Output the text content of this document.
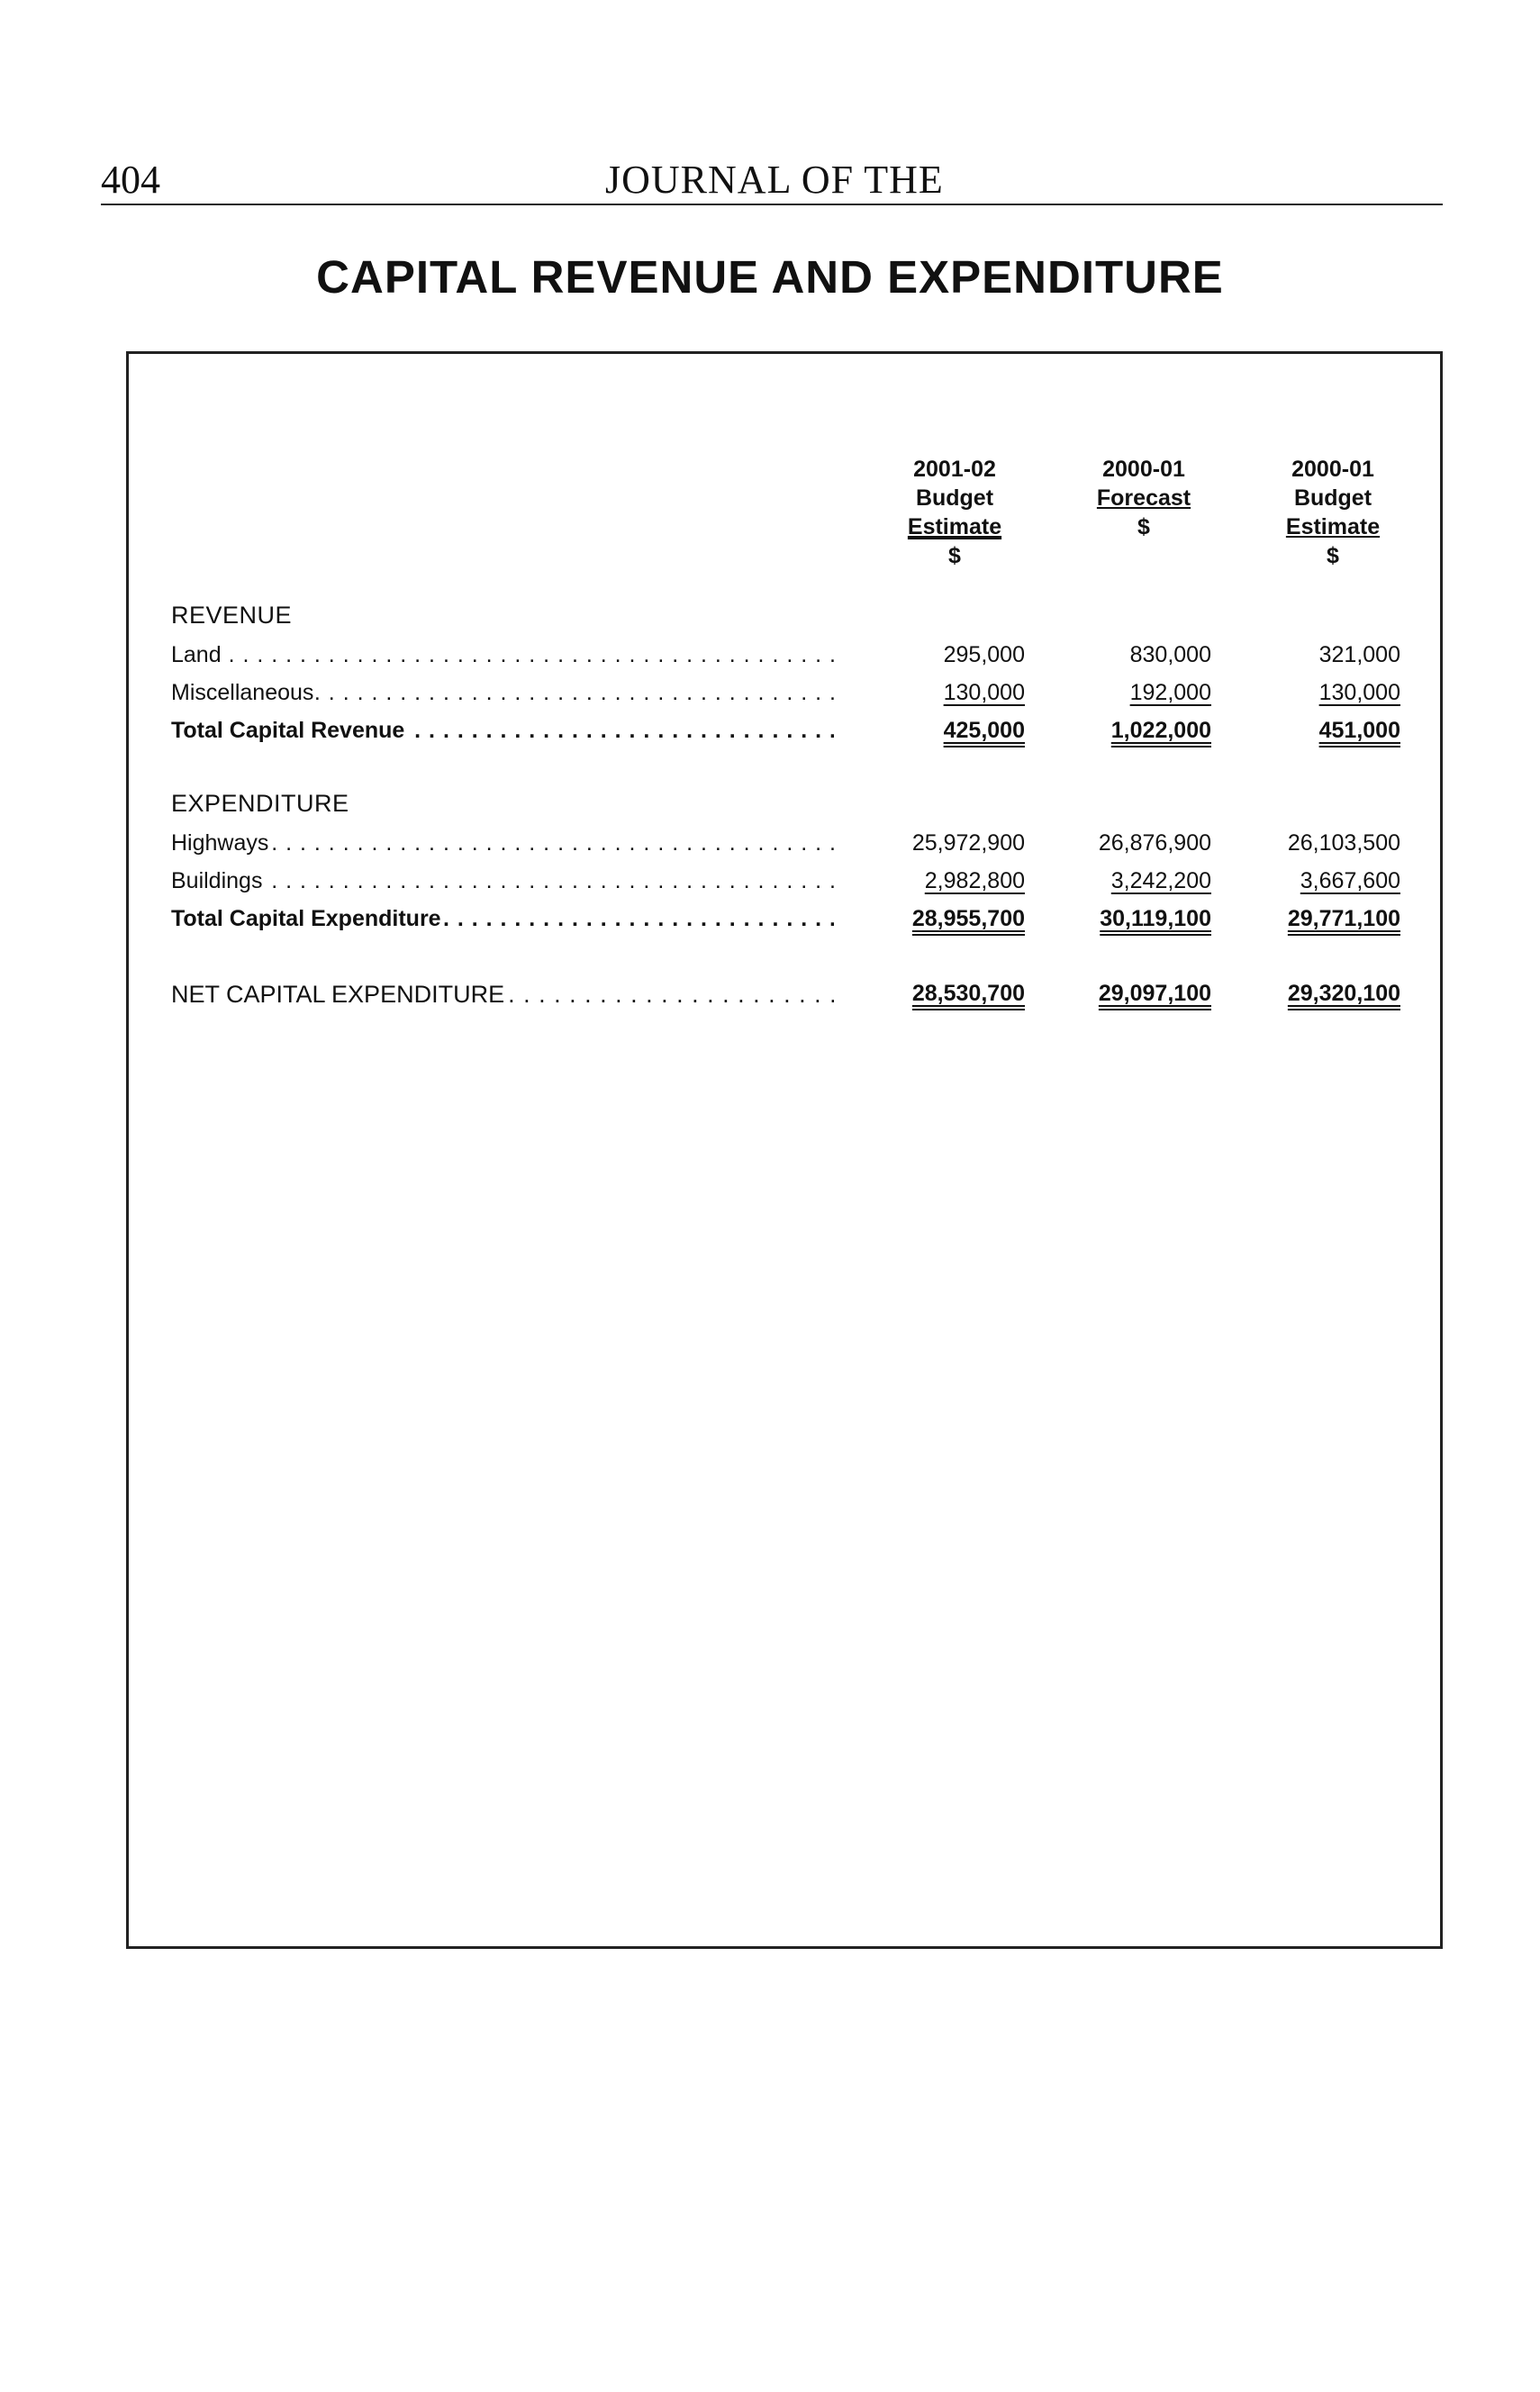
404	JOURNAL OF THE
CAPITAL REVENUE AND EXPENDITURE
2001-02
Budget
Estimate
$
2000-01
Forecast
$
2000-01
Budget
Estimate
$
REVENUE
Land . . .	295,000	830,000	321,000
Miscellaneous . . .	130,000	192,000	130,000
Total Capital Revenue . . .	425,000	1,022,000	451,000
EXPENDITURE
Highways . . .	25,972,900	26,876,900	26,103,500
Buildings . . .	2,982,800	3,242,200	3,667,600
Total Capital Expenditure . . .	28,955,700	30,119,100	29,771,100
NET CAPITAL EXPENDITURE . . .	28,530,700	29,097,100	29,320,100
